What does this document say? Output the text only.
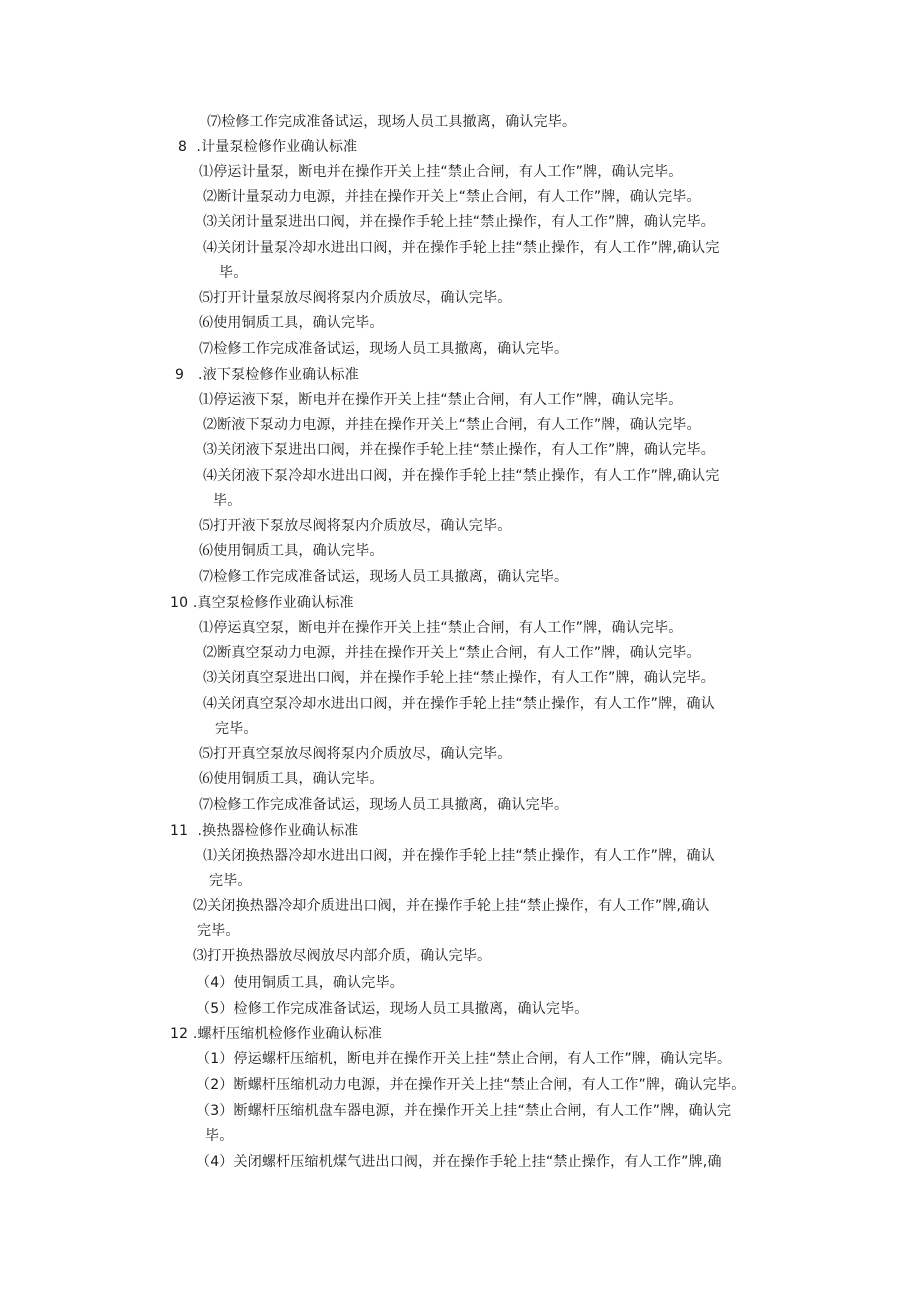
⑺检修工作完成准备试运，现场人员工具撤离，确认完毕。
8  .计量泵检修作业确认标准
⑴停运计量泵，断电并在操作开关上挂“禁止合闸，有人工作”牌，确认完毕。
⑵断计量泵动力电源，并挂在操作开关上“禁止合闸，有人工作”牌，确认完毕。
⑶关闭计量泵进出口阀，并在操作手轮上挂“禁止操作，有人工作”牌，确认完毕。
⑷关闭计量泵冷却水进出口阀，并在操作手轮上挂“禁止操作，有人工作”牌,确认完
毕。
⑸打开计量泵放尽阀将泵内介质放尽，确认完毕。
⑹使用铜质工具，确认完毕。
⑺检修工作完成准备试运，现场人员工具撤离，确认完毕。
9   .液下泵检修作业确认标准
⑴停运液下泵，断电并在操作开关上挂“禁止合闸，有人工作”牌，确认完毕。
⑵断液下泵动力电源，并挂在操作开关上“禁止合闸，有人工作”牌，确认完毕。
⑶关闭液下泵进出口阀，并在操作手轮上挂“禁止操作，有人工作”牌，确认完毕。
⑷关闭液下泵冷却水进出口阀，并在操作手轮上挂“禁止操作，有人工作”牌,确认完
毕。
⑸打开液下泵放尽阀将泵内介质放尽，确认完毕。
⑹使用铜质工具，确认完毕。
⑺检修工作完成准备试运，现场人员工具撤离，确认完毕。
10 .真空泵检修作业确认标准
⑴停运真空泵，断电并在操作开关上挂“禁止合闸，有人工作”牌，确认完毕。
⑵断真空泵动力电源，并挂在操作开关上“禁止合闸，有人工作”牌，确认完毕。
⑶关闭真空泵进出口阀，并在操作手轮上挂“禁止操作，有人工作”牌，确认完毕。
⑷关闭真空泵冷却水进出口阀，并在操作手轮上挂“禁止操作，有人工作”牌，确认
完毕。
⑸打开真空泵放尽阀将泵内介质放尽，确认完毕。
⑹使用铜质工具，确认完毕。
⑺检修工作完成准备试运，现场人员工具撤离，确认完毕。
11  .换热器检修作业确认标准
⑴关闭换热器冷却水进出口阀，并在操作手轮上挂“禁止操作，有人工作”牌，确认
完毕。
⑵关闭换热器冷却介质进出口阀，并在操作手轮上挂“禁止操作，有人工作”牌,确认
完毕。
⑶打开换热器放尽阀放尽内部介质，确认完毕。
（4）使用铜质工具，确认完毕。
（5）检修工作完成准备试运，现场人员工具撤离，确认完毕。
12 .螺杆压缩机检修作业确认标准
（1）停运螺杆压缩机，断电并在操作开关上挂“禁止合闸，有人工作”牌，确认完毕。
（2）断螺杆压缩机动力电源，并在操作开关上挂“禁止合闸，有人工作”牌，确认完毕。
（3）断螺杆压缩机盘车器电源，并在操作开关上挂“禁止合闸，有人工作”牌，确认完
毕。
（4）关闭螺杆压缩机煤气进出口阀，并在操作手轮上挂“禁止操作，有人工作”牌,确
